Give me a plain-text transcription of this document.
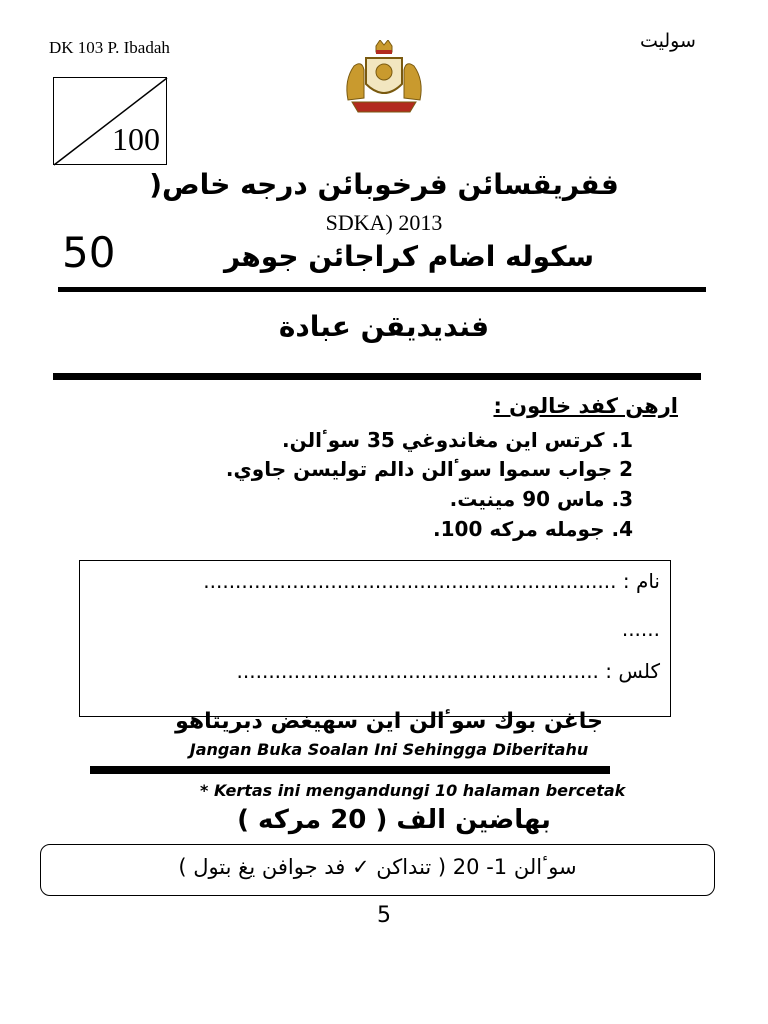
DK 103 P. Ibadah	سوليت
100
ففريقسائن فرخوبائن درجه خاص(
SDKA) 2013
50	سكوله اضام كراجائن جوهر
فنديديقن عبادة
ارهن كفد خالون :
1. كرتس اين مغاندوغي 35 سوٴالن.
2 جواب سموا سوٴالن دالم توليسن جاوي.
3. ماس 90 مينيت.
4. جومله مركه 100.
نام : .................................................................
......
كلس : .........................................................
جاغن بوك سوٴالن اين سهيغض دبريتاهو
Jangan Buka Soalan Ini Sehingga Diberitahu
* Kertas ini mengandungi 10 halaman bercetak
بهاضين الف ( 20 مركه )
سوٴالن 1- 20 ( تنداكن ✓ فد جوافن يغ بتول )
5
